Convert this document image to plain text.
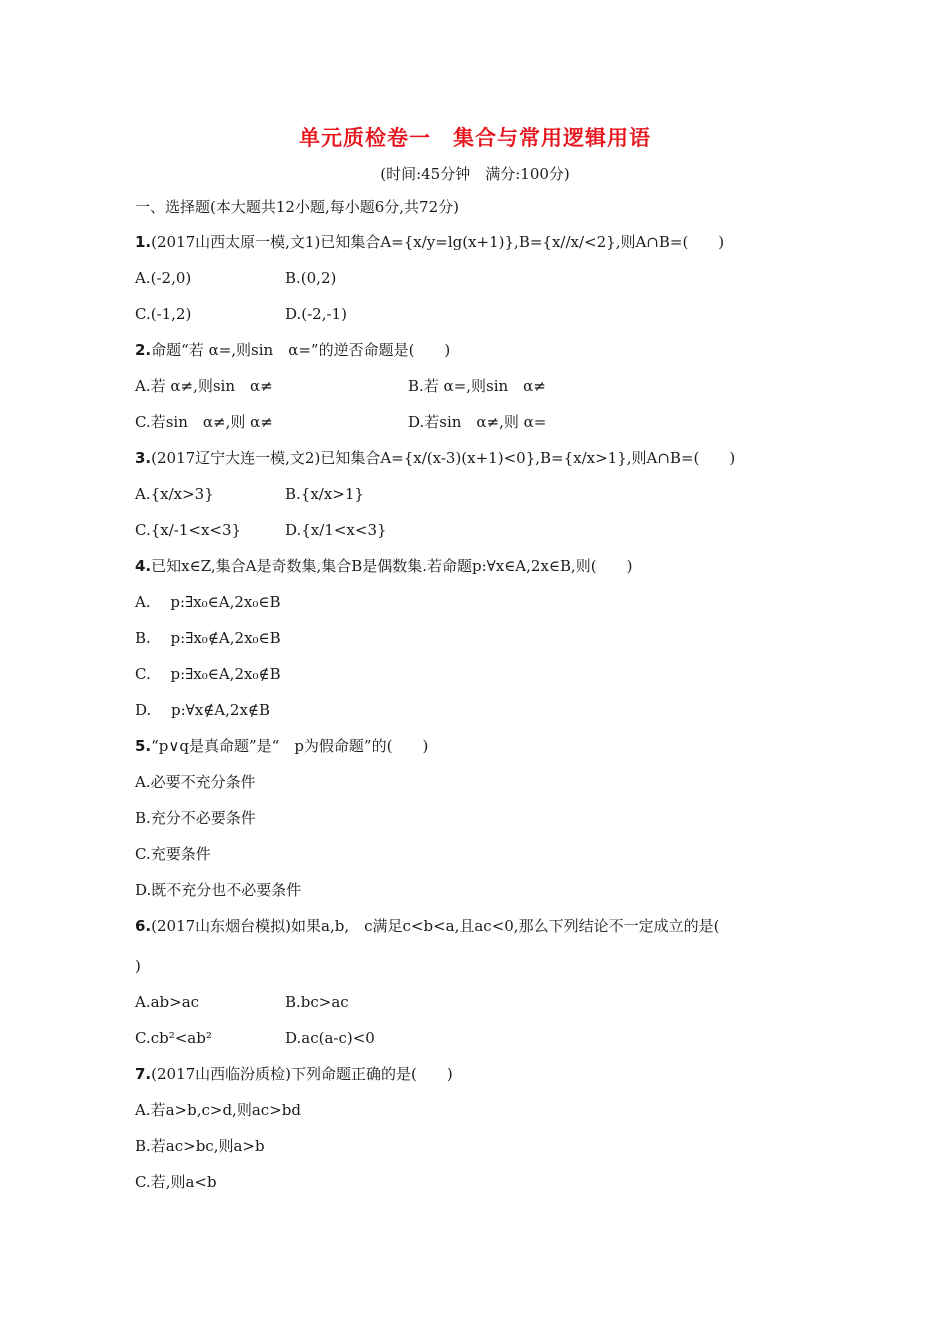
单元质检卷一　集合与常用逻辑用语
(时间:45分钟　满分:100分)
一、选择题(本大题共12小题,每小题6分,共72分)
1.(2017山西太原一模,文1)已知集合A={x/y=lg(x+1)},B={x//x/<2},则A∩B=(　　)
A.(-2,0)	B.(0,2)
C.(-1,2)	D.(-2,-1)
2.命题“若 α=,则sin　α=”的逆否命题是(　　)
A.若 α≠,则sin　α≠	B.若 α=,则sin　α≠
C.若sin　α≠,则 α≠	D.若sin　α≠,则 α=
3.(2017辽宁大连一模,文2)已知集合A={x/(x-3)(x+1)<0},B={x/x>1},则A∩B=(　　)
A.{x/x>3}	B.{x/x>1}
C.{x/-1<x<3}	D.{x/1<x<3}
4.已知x∈Z,集合A是奇数集,集合B是偶数集.若命题p:∀x∈A,2x∈B,则(　　)
A.　 p:∃x₀∈A,2x₀∈B
B.　 p:∃x₀∉A,2x₀∈B
C.　 p:∃x₀∈A,2x₀∉B
D.　 p:∀x∉A,2x∉B
5.“p∨q是真命题”是“　p为假命题”的(　　)
A.必要不充分条件
B.充分不必要条件
C.充要条件
D.既不充分也不必要条件
6.(2017山东烟台模拟)如果a,b,　c满足c<b<a,且ac<0,那么下列结论不一定成立的是(
)
A.ab>ac	B.bc>ac
C.cb²<ab²	D.ac(a-c)<0
7.(2017山西临汾质检)下列命题正确的是(　　)
A.若a>b,c>d,则ac>bd
B.若ac>bc,则a>b
C.若,则a<b
